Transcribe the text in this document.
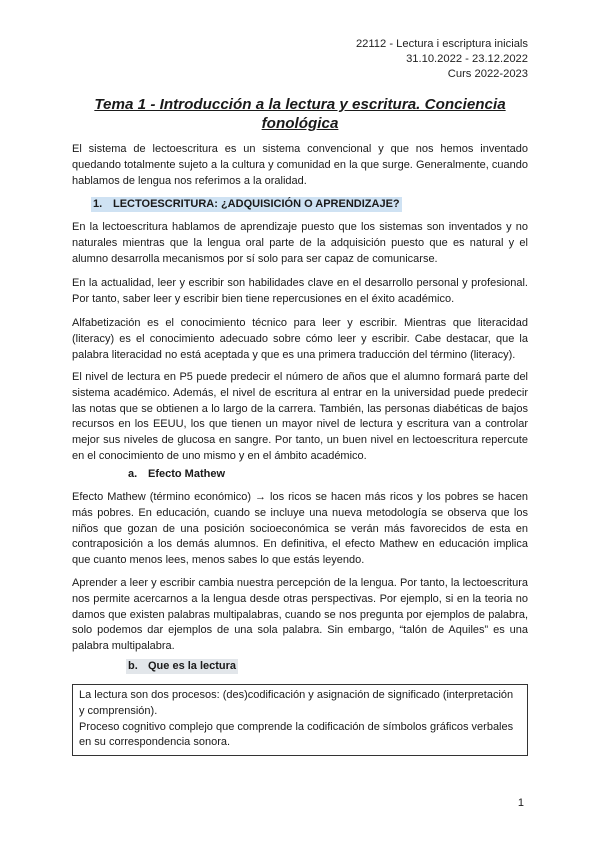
22112 - Lectura i escriptura inicials
31.10.2022 - 23.12.2022
Curs 2022-2023
Tema 1 - Introducción a la lectura y escritura. Conciencia fonológica

El sistema de lectoescritura es un sistema convencional y que nos hemos inventado quedando totalmente sujeto a la cultura y comunidad en la que surge. Generalmente, cuando hablamos de lengua nos referimos a la oralidad.

1. LECTOESCRITURA: ¿ADQUISICIÓN O APRENDIZAJE?

En la lectoescritura hablamos de aprendizaje puesto que los sistemas son inventados y no naturales mientras que la lengua oral parte de la adquisición puesto que es natural y el alumno desarrolla mecanismos por sí solo para ser capaz de comunicarse.

En la actualidad, leer y escribir son habilidades clave en el desarrollo personal y profesional. Por tanto, saber leer y escribir bien tiene repercusiones en el éxito académico.

Alfabetización es el conocimiento técnico para leer y escribir. Mientras que literacidad (literacy) es el conocimiento adecuado sobre cómo leer y escribir. Cabe destacar, que la palabra literacidad no está aceptada y que es una primera traducción del término (literacy).

El nivel de lectura en P5 puede predecir el número de años que el alumno formará parte del sistema académico. Además, el nivel de escritura al entrar en la universidad puede predecir las notas que se obtienen a lo largo de la carrera. También, las personas diabéticas de bajos recursos en los EEUU, los que tienen un mayor nivel de lectura y escritura van a controlar mejor sus niveles de glucosa en sangre. Por tanto, un buen nivel en lectoescritura repercute en el conocimiento de uno mismo y en el ámbito académico.

a. Efecto Mathew

Efecto Mathew (término económico) → los ricos se hacen más ricos y los pobres se hacen más pobres. En educación, cuando se incluye una nueva metodología se observa que los niños que gozan de una posición socioeconómica se verán más favorecidos de esta en contraposición a los demás alumnos. En definitiva, el efecto Mathew en educación implica que cuanto menos lees, menos sabes lo que estás leyendo.

Aprender a leer y escribir cambia nuestra percepción de la lengua. Por tanto, la lectoescritura nos permite acercarnos a la lengua desde otras perspectivas. Por ejemplo, si en la teoria no damos que existen palabras multipalabras, cuando se nos pregunta por ejemplos de palabra, solo podemos dar ejemplos de una sola palabra. Sin embargo, “talón de Aquiles” es una palabra multipalabra.

b. Que es la lectura

La lectura son dos procesos: (des)codificación y asignación de significado (interpretación y comprensión).

Proceso cognitivo complejo que comprende la codificación de símbolos gráficos verbales en su correspondencia sonora.

1
